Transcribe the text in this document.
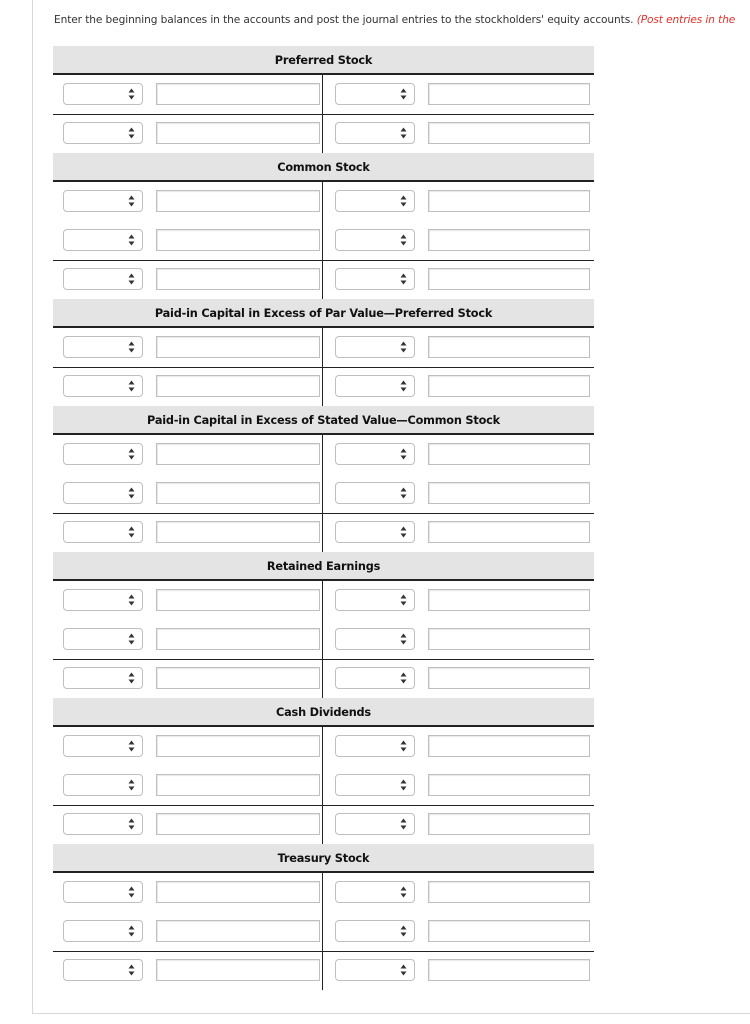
Enter the beginning balances in the accounts and post the journal entries to the stockholders' equity accounts. (Post entries in the
Preferred Stock
Common Stock
Paid-in Capital in Excess of Par Value—Preferred Stock
Paid-in Capital in Excess of Stated Value—Common Stock
Retained Earnings
Cash Dividends
Treasury Stock
